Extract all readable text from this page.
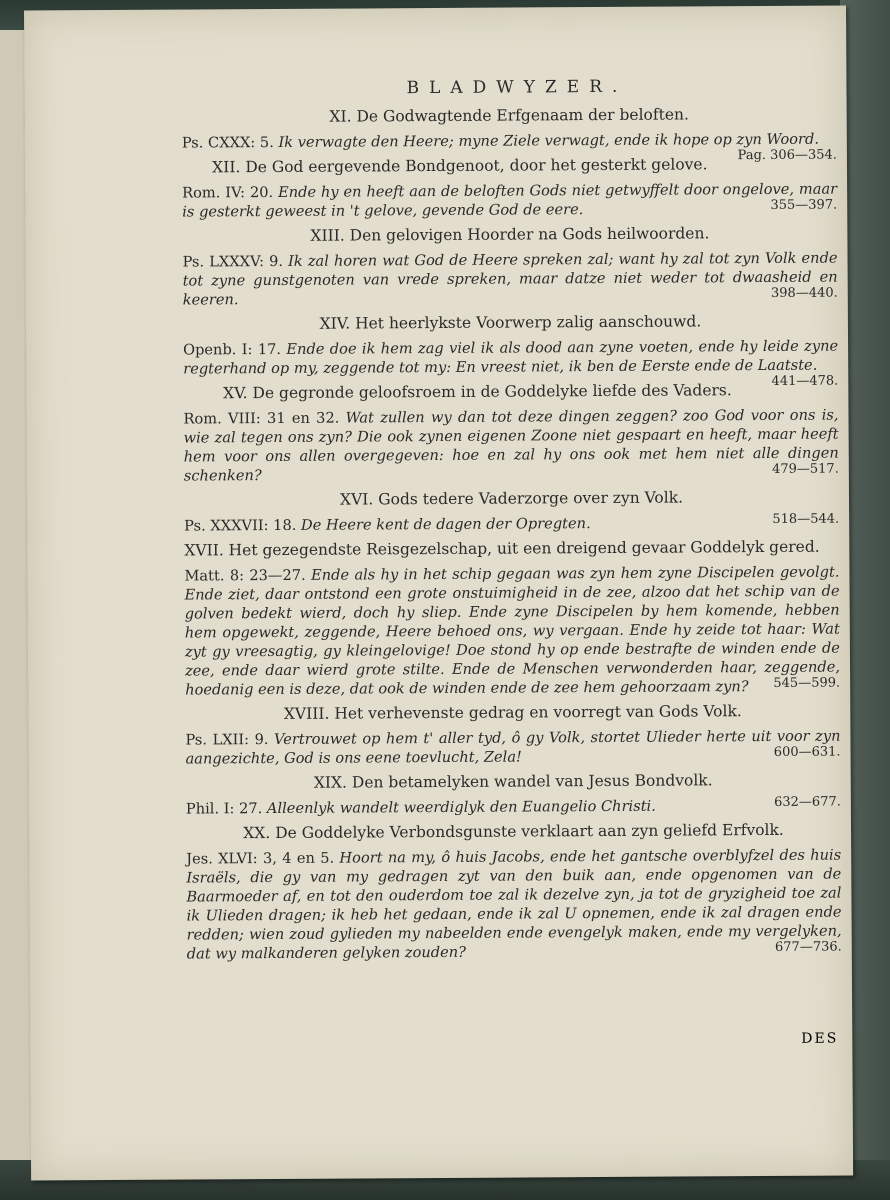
BLADWYZER.
XI. De Godwagtende Erfgenaam der beloften.
Ps. CXXX: 5. Ik verwagte den Heere; myne Ziele verwagt, ende ik hope op zyn Woord.
Pag. 306—354.
XII. De God eergevende Bondgenoot, door het gesterkt gelove.
Rom. IV: 20. Ende hy en heeft aan de beloften Gods niet getwyffelt door ongelove, maar is gesterkt geweest in 't gelove, gevende God de eere.	355—397.
XIII. Den gelovigen Hoorder na Gods heilwoorden.
Ps. LXXXV: 9. Ik zal horen wat God de Heere spreken zal; want hy zal tot zyn Volk ende tot zyne gunstgenoten van vrede spreken, maar datze niet weder tot dwaasheid en keeren.	398—440.
XIV. Het heerlykste Voorwerp zalig aanschouwd.
Openb. I: 17. Ende doe ik hem zag viel ik als dood aan zyne voeten, ende hy leide zyne regterhand op my, zeggende tot my: En vreest niet, ik ben de Eerste ende de Laatste.
441—478.
XV. De gegronde geloofsroem in de Goddelyke liefde des Vaders.
Rom. VIII: 31 en 32. Wat zullen wy dan tot deze dingen zeggen? zoo God voor ons is, wie zal tegen ons zyn? Die ook zynen eigenen Zoone niet gespaart en heeft, maar heeft hem voor ons allen overgegeven: hoe en zal hy ons ook met hem niet alle dingen schenken?	479—517.
XVI. Gods tedere Vaderzorge over zyn Volk.
Ps. XXXVII: 18. De Heere kent de dagen der Opregten.	518—544.
XVII. Het gezegendste Reisgezelschap, uit een dreigend gevaar Goddelyk gered.
Matt. 8: 23—27. Ende als hy in het schip gegaan was zyn hem zyne Discipelen gevolgt. Ende ziet, daar ontstond een grote onstuimigheid in de zee, alzoo dat het schip van de golven bedekt wierd, doch hy sliep. Ende zyne Discipelen by hem komende, hebben hem opgewekt, zeggende, Heere behoed ons, wy vergaan. Ende hy zeide tot haar: Wat zyt gy vreesagtig, gy kleingelovige! Doe stond hy op ende bestrafte de winden ende de zee, ende daar wierd grote stilte. Ende de Menschen verwonderden haar, zeggende, hoedanig een is deze, dat ook de winden ende de zee hem gehoorzaam zyn? 545—599.
XVIII. Het verhevenste gedrag en voorregt van Gods Volk.
Ps. LXII: 9. Vertrouwet op hem t' aller tyd, ô gy Volk, stortet Ulieder herte uit voor zyn aangezichte, God is ons eene toevlucht, Zela!	600—631.
XIX. Den betamelyken wandel van Jesus Bondvolk.
Phil. I: 27. Alleenlyk wandelt weerdiglyk den Euangelio Christi.	632—677.
XX. De Goddelyke Verbondsgunste verklaart aan zyn geliefd Erfvolk.
Jes. XLVI: 3, 4 en 5. Hoort na my, ô huis Jacobs, ende het gantsche overblyfzel des huis Israëls, die gy van my gedragen zyt van den buik aan, ende opgenomen van de Baarmoeder af, en tot den ouderdom toe zal ik dezelve zyn, ja tot de gryzigheid toe zal ik Ulieden dragen; ik heb het gedaan, ende ik zal U opnemen, ende ik zal dragen ende redden; wien zoud gylieden my nabeelden ende evengelyk maken, ende my vergelyken, dat wy malkanderen gelyken zouden?	677—736.
DES
